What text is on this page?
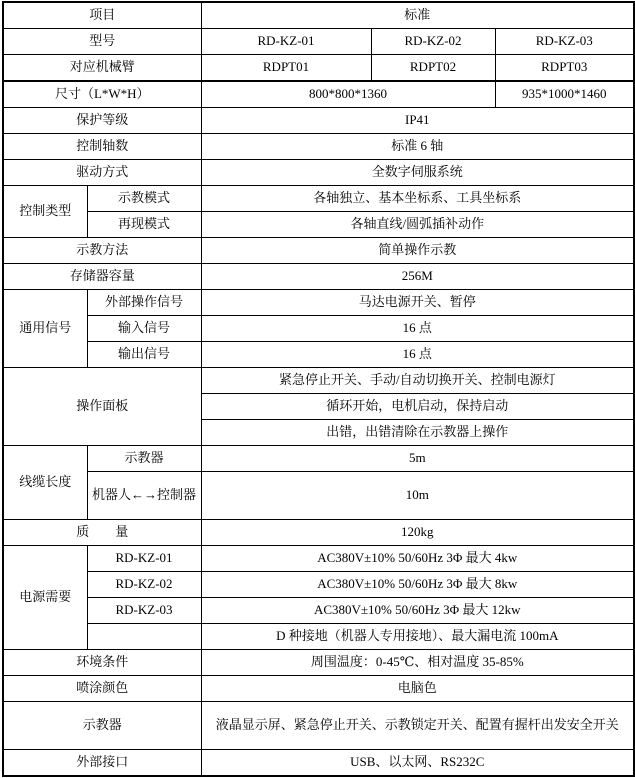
项目		标准		
型号		RD-KZ-01	RD-KZ-02	RD-KZ-03
对应机械臂		RDPT01	RDPT02	RDPT03
尺寸（L*W*H）		800*800*1360		935*1000*1460
保护等级		IP41		
控制轴数		标准 6 轴		
驱动方式		全数字伺服系统		
控制类型	示教模式	各轴独立、基本坐标系、工具坐标系		
	再现模式	各轴直线/圆弧插补动作		
示教方法		简单操作示教		
存储器容量		256M		
通用信号	外部操作信号	马达电源开关、暂停		
	输入信号	16 点		
	输出信号	16 点		
操作面板		紧急停止开关、手动/自动切换开关、控制电源灯		
		循环开始，电机启动，保持启动		
		出错，出错清除在示教器上操作		
线缆长度	示教器	5m		
	机器人←→控制器	10m		
质　　量		120kg		
电源需要	RD-KZ-01	AC380V±10% 50/60Hz 3Φ 最大 4kw		
	RD-KZ-02	AC380V±10% 50/60Hz 3Φ 最大 8kw		
	RD-KZ-03	AC380V±10% 50/60Hz 3Φ 最大 12kw		
		D 种接地（机器人专用接地）、最大漏电流 100mA		
环境条件		周围温度：0-45℃、相对温度 35-85%		
喷涂颜色		电脑色		
示教器		液晶显示屏、紧急停止开关、示教锁定开关、配置有握杆出发安全开关		
外部接口		USB、以太网、RS232C		
